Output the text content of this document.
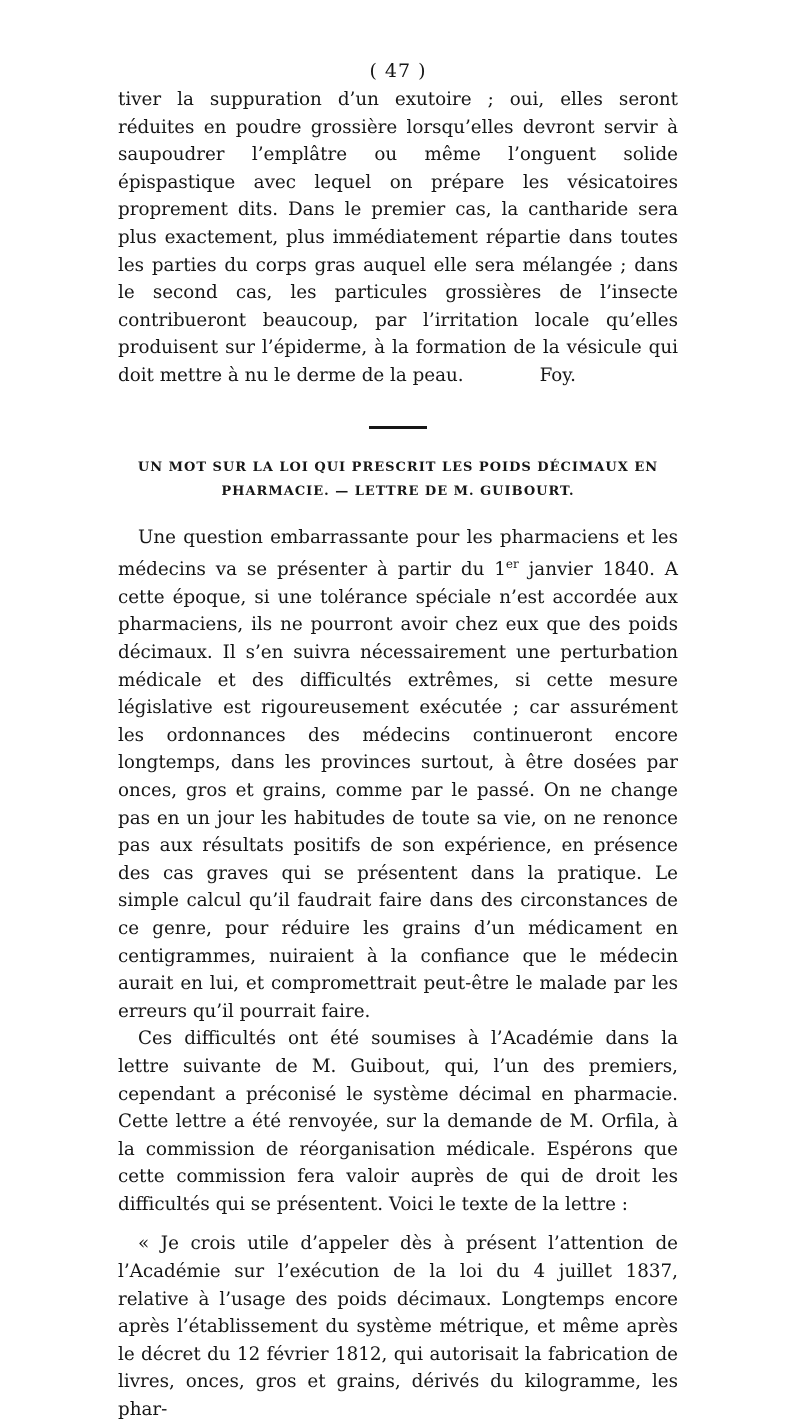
( 47 )

tiver la suppuration d’un exutoire ; oui, elles seront réduites en poudre grossière lorsqu’elles devront servir à saupoudrer l’emplâtre ou même l’onguent solide épispastique avec lequel on prépare les vésicatoires proprement dits. Dans le premier cas, la cantharide sera plus exactement, plus immédiatement répartie dans toutes les parties du corps gras auquel elle sera mélangée ; dans le second cas, les particules grossières de l’insecte contribueront beaucoup, par l’irritation locale qu’elles produisent sur l’épiderme, à la formation de la vésicule qui doit mettre à nu le derme de la peau.	Foy.
UN MOT SUR LA LOI QUI PRESCRIT LES POIDS DÉCIMAUX EN
PHARMACIE. — LETTRE DE M. GUIBOURT.

Une question embarrassante pour les pharmaciens et les médecins va se présenter à partir du 1er janvier 1840. A cette époque, si une tolérance spéciale n’est accordée aux pharmaciens, ils ne pourront avoir chez eux que des poids décimaux. Il s’en suivra nécessairement une perturbation médicale et des difficultés extrêmes, si cette mesure législative est rigoureusement exécutée ; car assurément les ordonnances des médecins continueront encore longtemps, dans les provinces surtout, à être dosées par onces, gros et grains, comme par le passé. On ne change pas en un jour les habitudes de toute sa vie, on ne renonce pas aux résultats positifs de son expérience, en présence des cas graves qui se présentent dans la pratique. Le simple calcul qu’il faudrait faire dans des circonstances de ce genre, pour réduire les grains d’un médicament en centigrammes, nuiraient à la confiance que le médecin aurait en lui, et compromettrait peut-être le malade par les erreurs qu’il pourrait faire.

Ces difficultés ont été soumises à l’Académie dans la lettre suivante de M. Guibout, qui, l’un des premiers, cependant a préconisé le système décimal en pharmacie. Cette lettre a été renvoyée, sur la demande de M. Orfila, à la commission de réorganisation médicale. Espérons que cette commission fera valoir auprès de qui de droit les difficultés qui se présentent. Voici le texte de la lettre :

« Je crois utile d’appeler dès à présent l’attention de l’Académie sur l’exécution de la loi du 4 juillet 1837, relative à l’usage des poids décimaux. Longtemps encore après l’établissement du système métrique, et même après le décret du 12 février 1812, qui autorisait la fabrication de livres, onces, gros et grains, dérivés du kilogramme, les phar-
